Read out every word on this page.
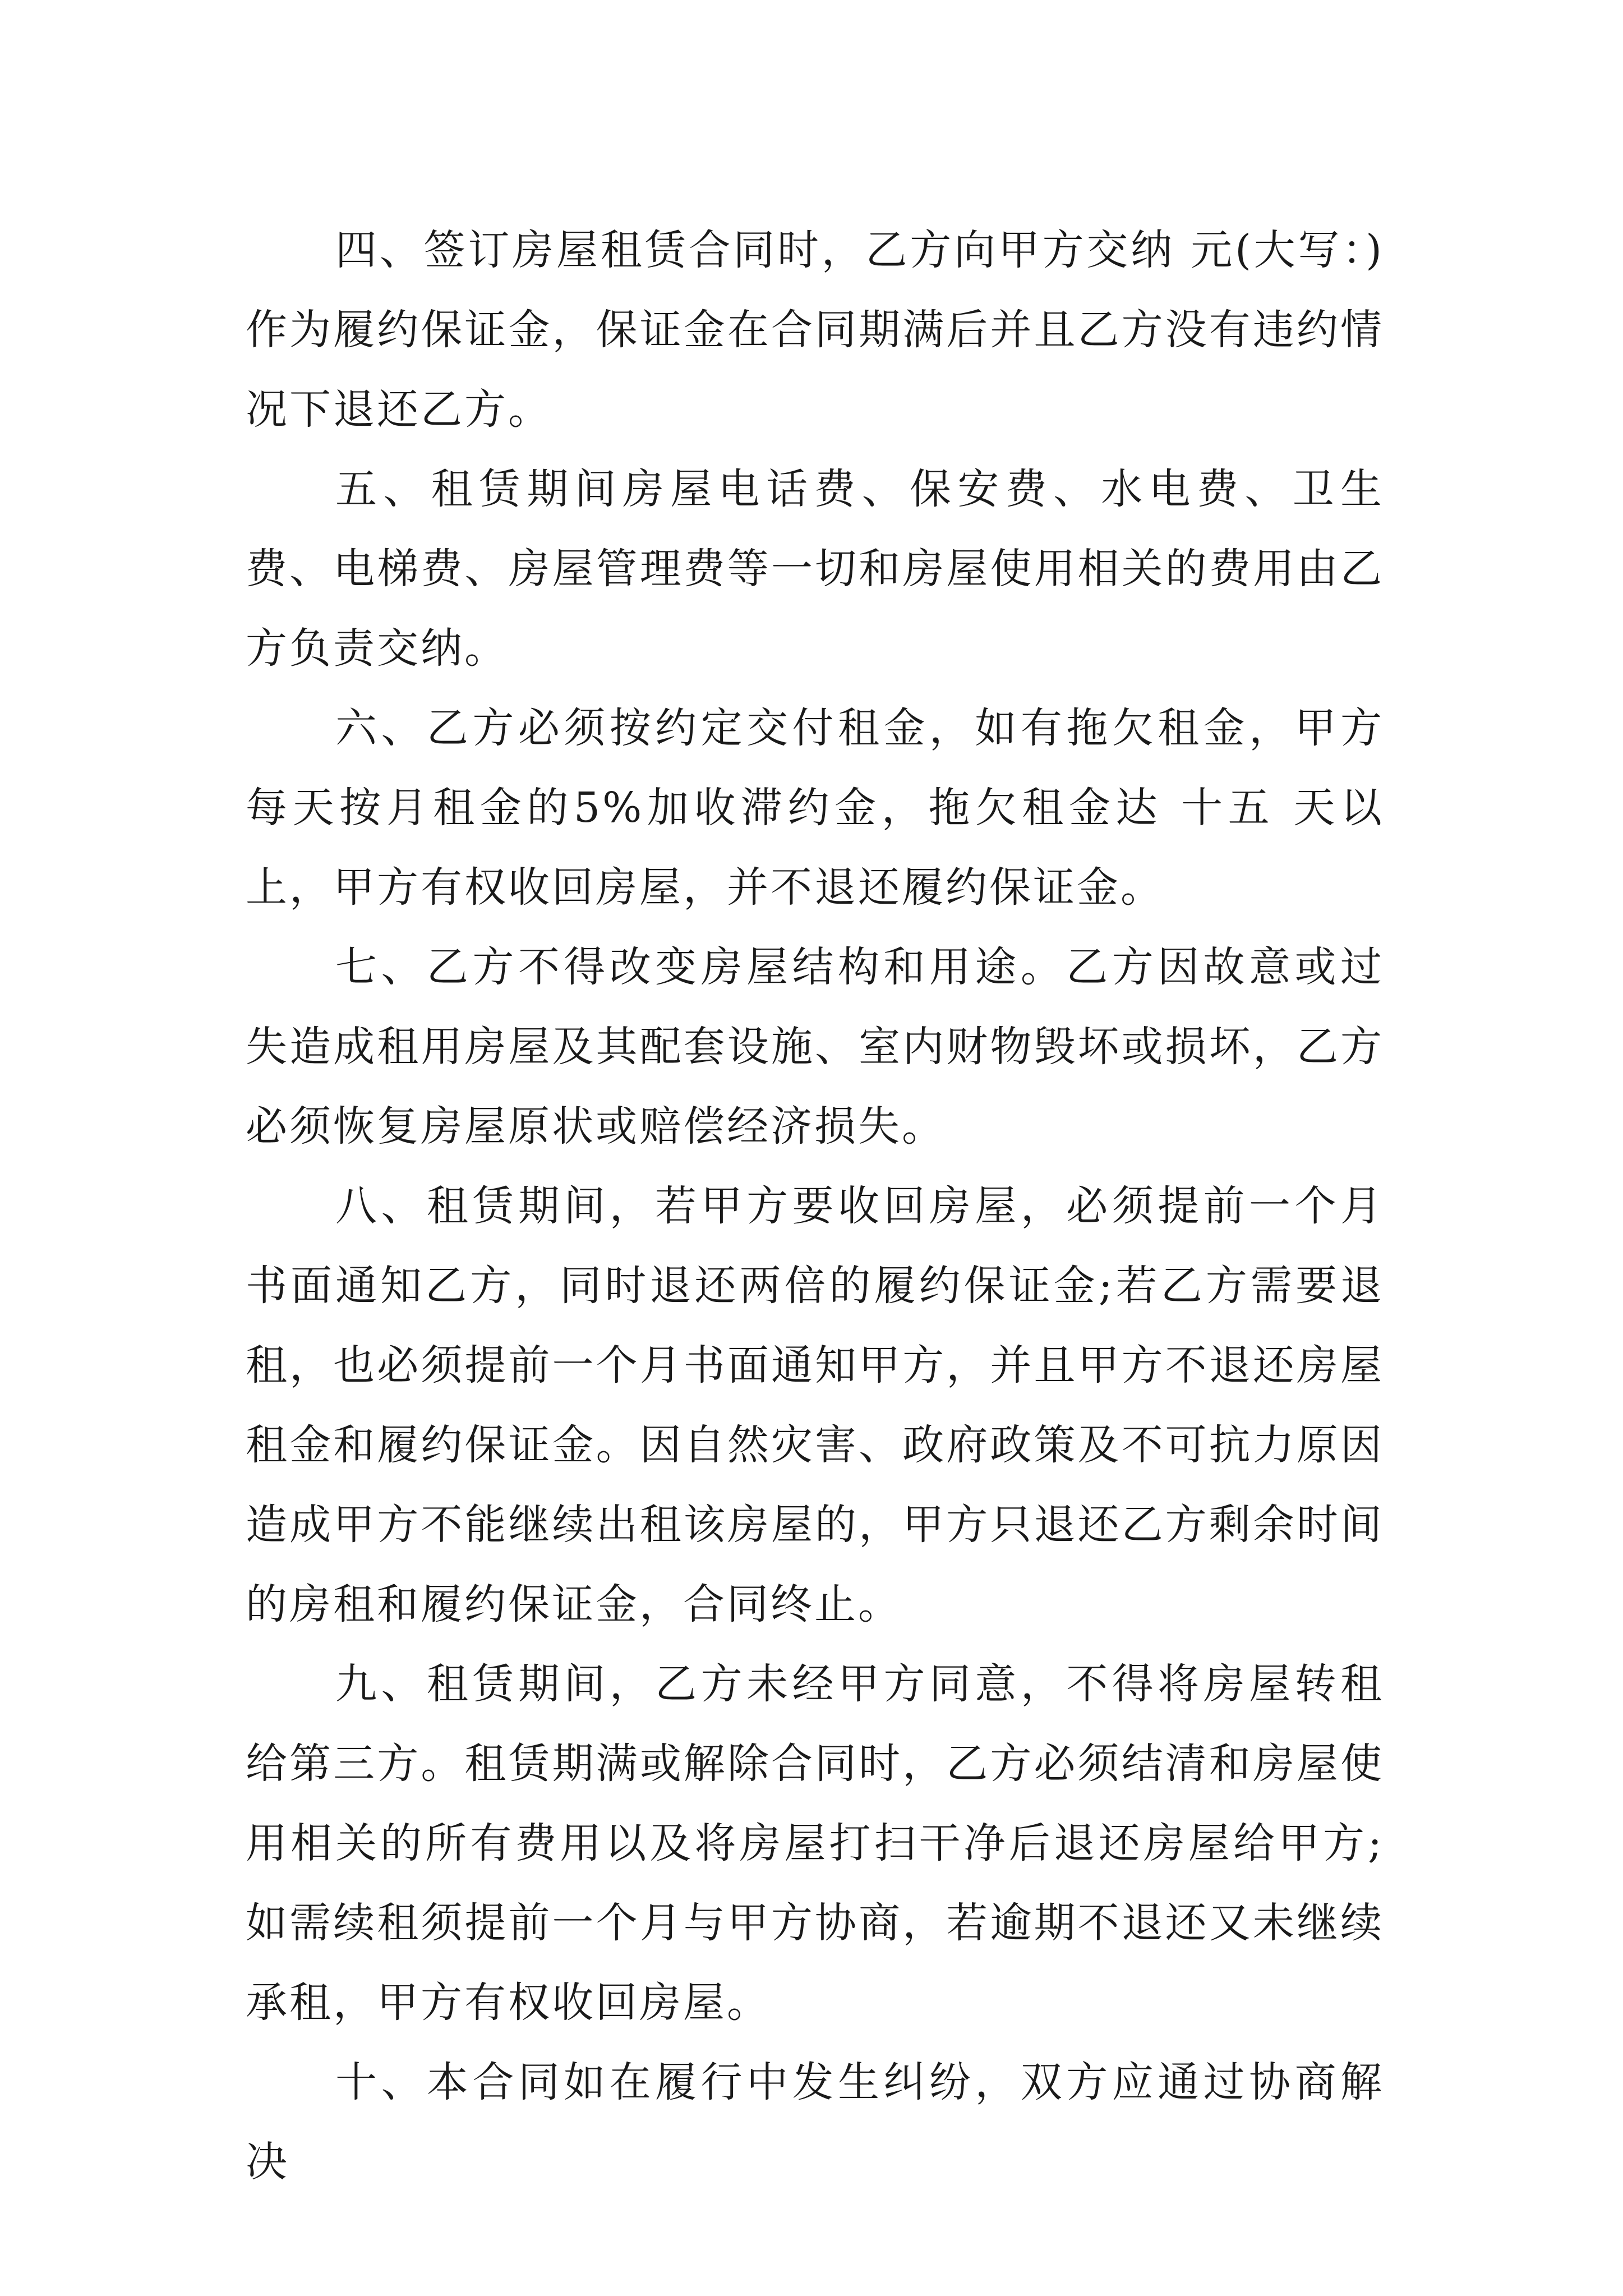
四、签订房屋租赁合同时，乙方向甲方交纳 元(大写：)作为履约保证金，保证金在合同期满后并且乙方没有违约情况下退还乙方。

五、租赁期间房屋电话费、保安费、水电费、卫生费、电梯费、房屋管理费等一切和房屋使用相关的费用由乙方负责交纳。

六、乙方必须按约定交付租金，如有拖欠租金，甲方每天按月租金的5%加收滞约金，拖欠租金达 十五 天以上，甲方有权收回房屋，并不退还履约保证金。

七、乙方不得改变房屋结构和用途。乙方因故意或过失造成租用房屋及其配套设施、室内财物毁坏或损坏，乙方必须恢复房屋原状或赔偿经济损失。

八、租赁期间，若甲方要收回房屋，必须提前一个月书面通知乙方，同时退还两倍的履约保证金;若乙方需要退租，也必须提前一个月书面通知甲方，并且甲方不退还房屋租金和履约保证金。因自然灾害、政府政策及不可抗力原因造成甲方不能继续出租该房屋的，甲方只退还乙方剩余时间的房租和履约保证金，合同终止。

九、租赁期间，乙方未经甲方同意，不得将房屋转租给第三方。租赁期满或解除合同时，乙方必须结清和房屋使用相关的所有费用以及将房屋打扫干净后退还房屋给甲方;如需续租须提前一个月与甲方协商，若逾期不退还又未继续承租，甲方有权收回房屋。

十、本合同如在履行中发生纠纷，双方应通过协商解决
